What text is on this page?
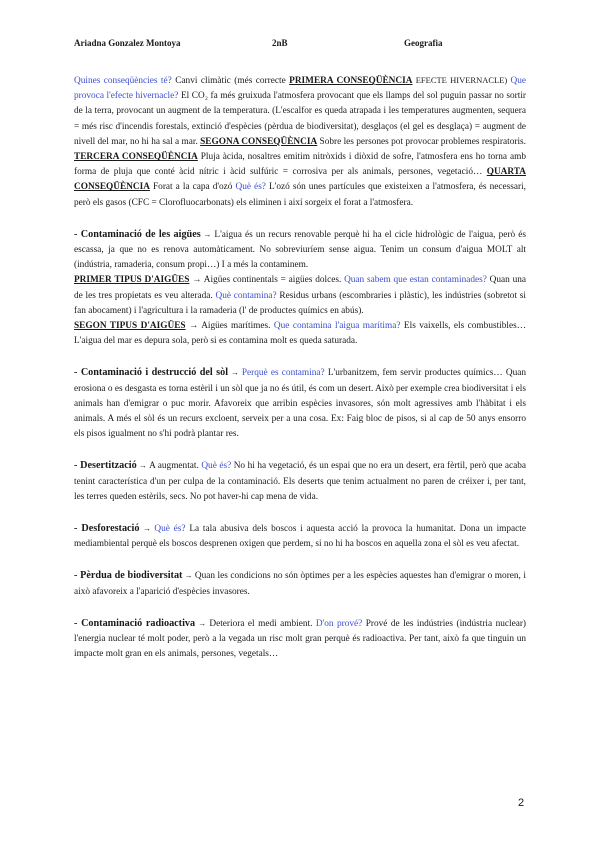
Ariadna Gonzalez Montoya	2nB	Geografia

Quines conseqüències té? Canvi climàtic (més correcte PRIMERA CONSEQÜÈNCIA EFECTE HIVERNACLE) Que provoca l'efecte hivernacle? El CO₂ fa més gruixuda l'atmosfera provocant que els llamps del sol puguin passar no sortir de la terra, provocant un augment de la temperatura. (L'escalfor es queda atrapada i les temperatures augmenten, sequera = més risc d'incendis forestals, extinció d'espècies (pèrdua de biodiversitat), desglaços (el gel es desglaça) = augment de nivell del mar, no hi ha sal a mar. SEGONA CONSEQÜÈNCIA Sobre les persones pot provocar problemes respiratoris. TERCERA CONSEQÜÈNCIA Pluja àcida, nosaltres emitim nitròxids i diòxid de sofre, l'atmosfera ens ho torna amb forma de pluja que conté àcid nítric i àcid sulfúric = corrosiva per als animals, persones, vegetació… QUARTA CONSEQÜÈNCIA Forat a la capa d'ozó Què és? L'ozó són unes partícules que existeixen a l'atmosfera, és necessari, però els gasos (CFC = Clorofluocarbonats) els eliminen i així sorgeix el forat a l'atmosfera.

- Contaminació de les aigües → L'aigua és un recurs renovable perquè hi ha el cicle hidrològic de l'aigua, però és escassa, ja que no es renova automàticament. No sobreviuríem sense aigua. Tenim un consum d'aigua MOLT alt (indústria, ramaderia, consum propi…) I a més la contaminem.

PRIMER TIPUS D'AIGÜES → Aigües continentals = aigües dolces. Quan sabem que estan contaminades? Quan una de les tres propietats es veu alterada. Què contamina? Residus urbans (escombraries i plàstic), les indústries (sobretot si fan abocament) i l'agricultura i la ramaderia (l' de productes químics en abús).

SEGON TIPUS D'AIGÜES → Aigües marítimes. Que contamina l'aigua marítima? Els vaixells, els combustibles… L'aigua del mar es depura sola, però si es contamina molt es queda saturada.

- Contaminació i destrucció del sòl → Perquè es contamina? L'urbanitzem, fem servir productes químics… Quan erosiona o es desgasta es torna estèril i un sòl que ja no és útil, és com un desert. Això per exemple crea biodiversitat i els animals han d'emigrar o puc morir. Afavoreix que arribin espècies invasores, són molt agressives amb l'hàbitat i els animals. A més el sòl és un recurs excloent, serveix per a una cosa. Ex: Faig bloc de pisos, si al cap de 50 anys ensorro els pisos igualment no s'hi podrà plantar res.

- Desertització → A augmentat. Què és? No hi ha vegetació, és un espai que no era un desert, era fèrtil, però que acaba tenint característica d'un per culpa de la contaminació. Els deserts que tenim actualment no paren de créixer i, per tant, les terres queden estèrils, secs. No pot haver-hi cap mena de vida.

- Desforestació → Què és? La tala abusiva dels boscos i aquesta acció la provoca la humanitat. Dona un impacte mediambiental perquè els boscos desprenen oxigen que perdem, si no hi ha boscos en aquella zona el sòl es veu afectat.

- Pèrdua de biodiversitat → Quan les condicions no són òptimes per a les espècies aquestes han d'emigrar o moren, i això afavoreix a l'aparició d'espècies invasores.

- Contaminació radioactiva → Deteriora el medi ambient. D'on prové? Prové de les indústries (indústria nuclear) l'energia nuclear té molt poder, però a la vegada un risc molt gran perquè és radioactiva. Per tant, això fa que tinguin un impacte molt gran en els animals, persones, vegetals…

2
